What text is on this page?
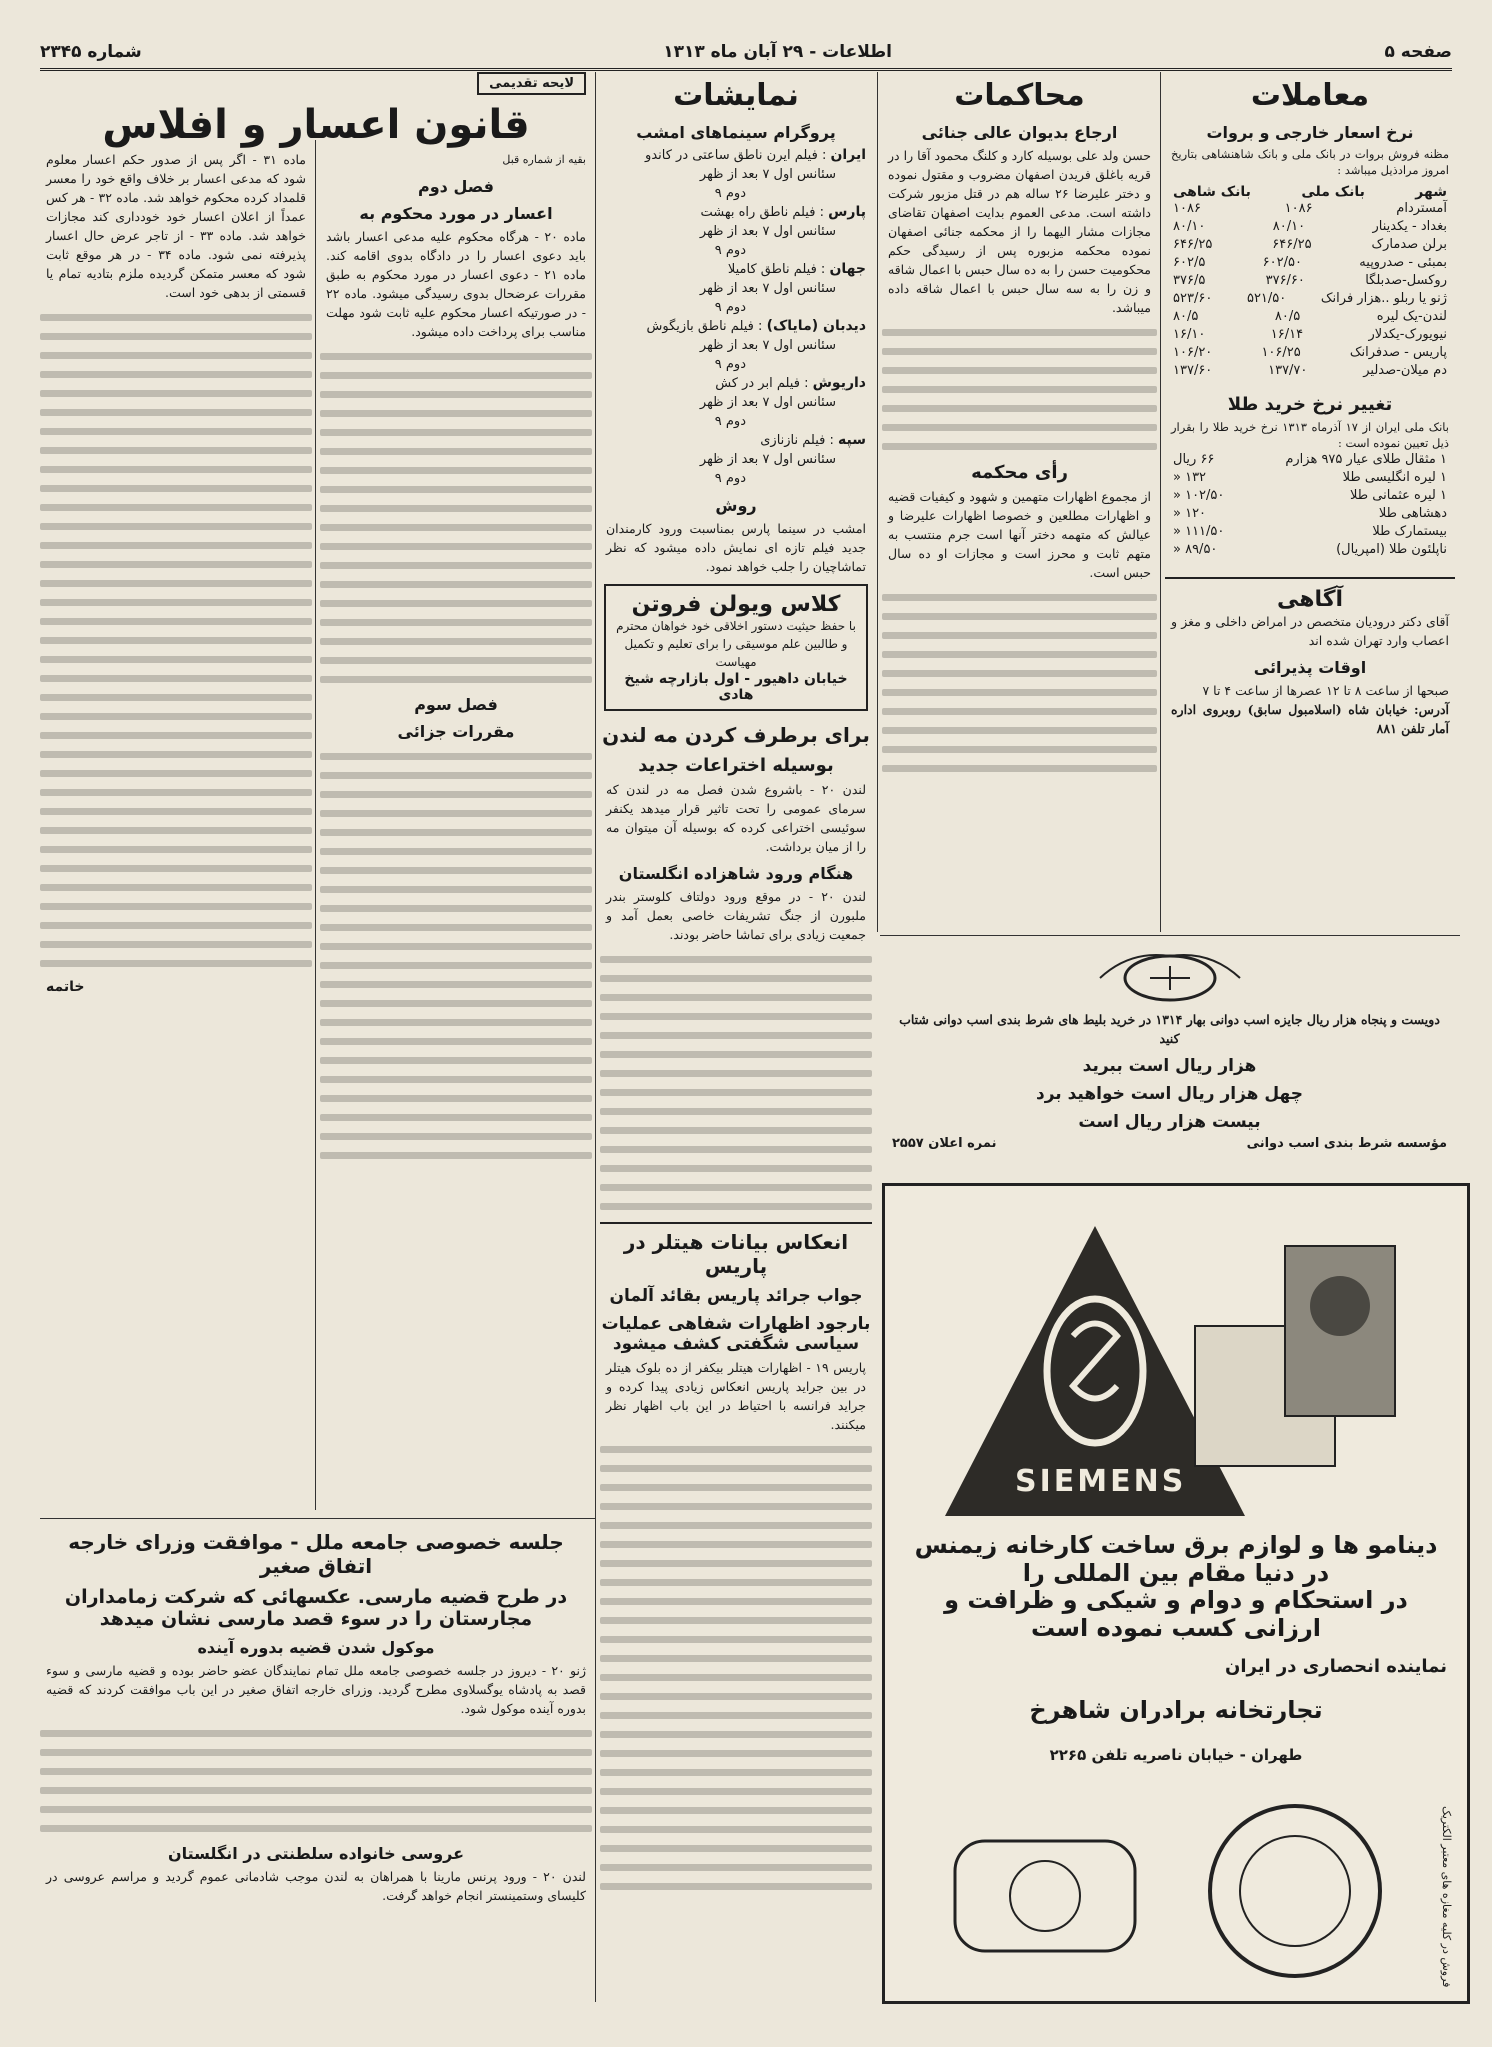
صفحه ۵
اطلاعات - ۲۹ آبان ماه ۱۳۱۳
شماره ۲۳۴۵
معاملات
نرخ اسعار خارجی و بروات
مظنه فروش بروات در بانک ملی و بانک شاهنشاهی بتاریخ امروز مرادذیل میباشد :
شهر
بانک ملی
بانک شاهی
آمستردام
۱۰۸۶
۱۰۸۶
بغداد - یکدینار
۸۰/۱۰
۸۰/۱۰
برلن صدمارک
۶۴۶/۲۵
۶۴۶/۲۵
بمبئی - صدروپیه
۶۰۲/۵۰
۶۰۲/۵
روکسل-صدبلگا
۳۷۶/۶۰
۳۷۶/۵
ژنو یا ربلو ..هزار فرانک
۵۲۱/۵۰
۵۲۳/۶۰
لندن-یک لیره
۸۰/۵
۸۰/۵
نیویورک-یکدلار
۱۶/۱۴
۱۶/۱۰
پاریس - صدفرانک
۱۰۶/۲۵
۱۰۶/۲۰
دم میلان-صدلیر
۱۳۷/۷۰
۱۳۷/۶۰
تغییر نرخ خرید طلا
بانک ملی ایران از ۱۷ آذرماه ۱۳۱۳ نرخ خرید طلا را بقرار ذیل تعیین نموده است :
۱ مثقال طلای عیار ۹۷۵ هزارم
۶۶ ریال
۱ لیره انگلیسی طلا
۱۳۲ «
۱ لیره عثمانی طلا
۱۰۲/۵۰ «
دهشاهی طلا
۱۲۰ «
بیستمارک طلا
۱۱۱/۵۰ «
ناپلئون طلا (امپریال)
۸۹/۵۰ «
آگاهی
آقای دکتر درودیان متخصص در امراض داخلی و مغز و اعصاب وارد تهران شده اند
اوقات پذیرائی
صبحها از ساعت ۸ تا ۱۲ عصرها از ساعت ۴ تا ۷
آدرس: خیابان شاه (اسلامبول سابق) روبروی اداره آمار تلفن ۸۸۱
محاکمات
ارجاع بدیوان عالی جنائی
حسن ولد علی بوسیله کارد و کلنگ محمود آقا را در قریه باغلق فریدن اصفهان مضروب و مقتول نموده و دختر علیرضا ۲۶ ساله هم در قتل مزبور شرکت داشته است. مدعی العموم بدایت اصفهان تقاضای مجازات مشار الیهما را از محکمه جنائی اصفهان نموده محکمه مزبوره پس از رسیدگی حکم محکومیت حسن را به ده سال حبس با اعمال شاقه و زن را به سه سال حبس با اعمال شاقه داده میباشد.
رأی محکمه
از مجموع اظهارات متهمین و شهود و کیفیات قضیه و اظهارات مطلعین و خصوصا اظهارات علیرضا و عیالش که متهمه دختر آنها است جرم منتسب به متهم ثابت و محرز است و مجازات او ده سال حبس است.
دویست و پنجاه هزار ریال جایزه اسب دوانی بهار ۱۳۱۴ در خرید بلیط های شرط بندی اسب دوانی شتاب کنید
هزار ریال است ببرید
چهل هزار ریال است خواهید برد
بیست هزار ریال است
مؤسسه شرط بندی اسب دوانی
نمره اعلان ۲۵۵۷
SIEMENS
دینامو ها و لوازم برق ساخت کارخانه زیمنس در دنیا مقام بین المللی را
در استحکام و دوام و شیکی و ظرافت و ارزانی کسب نموده است
نماینده انحصاری در ایران
تجارتخانه برادران شاهرخ
طهران - خیابان ناصریه تلفن ۲۲۶۵
فروش در کلیه مغازه های معتبر الکتریک
نمایشات
پروگرام سینماهای امشب
ایران : فیلم ایرن ناطق ساعتی در کاندو
سئانس اول ۷ بعد از ظهر
دوم ۹
پارس : فیلم ناطق راه بهشت
سئانس اول ۷ بعد از ظهر
دوم ۹
جهان : فیلم ناطق کامیلا
سئانس اول ۷ بعد از ظهر
دوم ۹
دیدبان (مایاک) : فیلم ناطق بازیگوش
سئانس اول ۷ بعد از ظهر
دوم ۹
داریوش : فیلم ابر در کش
سئانس اول ۷ بعد از ظهر
دوم ۹
سپه : فیلم نازنازی
سئانس اول ۷ بعد از ظهر
دوم ۹
روش
امشب در سینما پارس بمناسبت ورود کارمندان جدید فیلم تازه ای نمایش داده میشود که نظر تماشاچیان را جلب خواهد نمود.
کلاس ویولن فروتن
با حفظ حیثیت دستور اخلاقی خود خواهان محترم و طالبین علم موسیقی را برای تعلیم و تکمیل مهیاست
خیابان داهیور - اول بازارچه شیخ هادی
برای برطرف کردن مه لندن
بوسیله اختراعات جدید
لندن ۲۰ - باشروع شدن فصل مه در لندن که سرمای عمومی را تحت تاثیر قرار میدهد یکنفر سوئیسی اختراعی کرده که بوسیله آن میتوان مه را از میان برداشت.
هنگام ورود شاهزاده انگلستان
لندن ۲۰ - در موقع ورود دولتاف کلوستر بندر ملبورن از جنگ تشریفات خاصی بعمل آمد و جمعیت زیادی برای تماشا حاضر بودند.
انعکاس بیانات هیتلر در پاریس
جواب جرائد پاریس بقائد آلمان
بارجود اظهارات شفاهی عملیات سیاسی شگفتی کشف میشود
پاریس ۱۹ - اظهارات هیتلر بیکفر از ده بلوک هیتلر در بین جراید پاریس انعکاس زیادی پیدا کرده و جراید فرانسه با احتیاط در این باب اظهار نظر میکنند.
لایحه تقدیمی
قانون اعسار و افلاس
بقیه از شماره قبل
فصل دوم
اعسار در مورد محکوم به
ماده ۲۰ - هرگاه محکوم علیه مدعی اعسار باشد باید دعوی اعسار را در دادگاه بدوی اقامه کند. ماده ۲۱ - دعوی اعسار در مورد محکوم به طبق مقررات عرضحال بدوی رسیدگی میشود. ماده ۲۲ - در صورتیکه اعسار محکوم علیه ثابت شود مهلت مناسب برای پرداخت داده میشود.
فصل سوم
مقررات جزائی
ماده ۳۱ - اگر پس از صدور حکم اعسار معلوم شود که مدعی اعسار بر خلاف واقع خود را معسر قلمداد کرده محکوم خواهد شد. ماده ۳۲ - هر کس عمداً از اعلان اعسار خود خودداری کند مجازات خواهد شد. ماده ۳۳ - از تاجر عرض حال اعسار پذیرفته نمی شود. ماده ۳۴ - در هر موقع ثابت شود که معسر متمکن گردیده ملزم بتادیه تمام یا قسمتی از بدهی خود است.
خاتمه
جلسه خصوصی جامعه ملل - موافقت وزرای خارجه اتفاق صغیر
در طرح قضیه مارسی. عکسهائی که شرکت زمامداران مجارستان را در سوء قصد مارسی نشان میدهد
موکول شدن قضیه بدوره آینده
ژنو ۲۰ - دیروز در جلسه خصوصی جامعه ملل تمام نمایندگان عضو حاضر بوده و قضیه مارسی و سوء قصد به پادشاه یوگسلاوی مطرح گردید. وزرای خارجه اتفاق صغیر در این باب موافقت کردند که قضیه بدوره آینده موکول شود.
عروسی خانواده سلطنتی در انگلستان
لندن ۲۰ - ورود پرنس مارینا با همراهان به لندن موجب شادمانی عموم گردید و مراسم عروسی در کلیسای وستمینستر انجام خواهد گرفت.
